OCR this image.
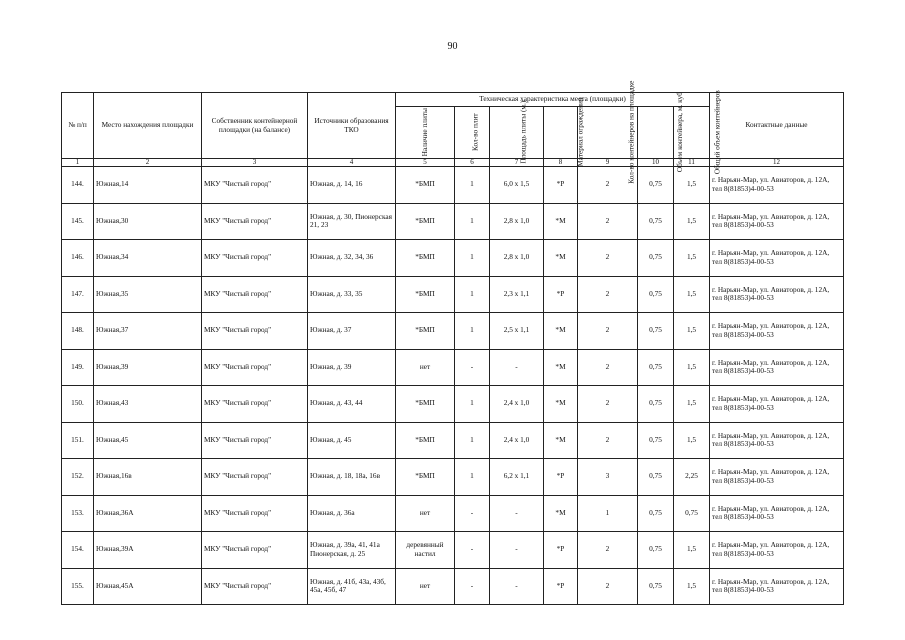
90
№ п/п	Место нахождения площадки	Собственник контейнерной площадки (на балансе)	Источники образования ТКО	Техническая характеристика места (площадки)							Контактные данные
				Наличие плиты	Кол-во плит	Площадь плиты (м.)	Материал ограждения	Кол-во контейнеров на площадке	Объем контейнера, м. куб	Общий объем контейнеров	
1	2	3	4	5	6	7	8	9	10	11	12
144.	Южная,14	МКУ "Чистый город"	Южная, д. 14, 16	*БМП	1	6,0 x 1,5	*Р	2	0,75	1,5	г. Нарьян-Мар, ул. Авиаторов, д. 12А, тел 8(81853)4-00-53
145.	Южная,30	МКУ "Чистый город"	Южная, д. 30, Пионерская 21, 23	*БМП	1	2,8 x 1,0	*М	2	0,75	1,5	г. Нарьян-Мар, ул. Авиаторов, д. 12А, тел 8(81853)4-00-53
146.	Южная,34	МКУ "Чистый город"	Южная, д. 32, 34, 36	*БМП	1	2,8 x 1,0	*М	2	0,75	1,5	г. Нарьян-Мар, ул. Авиаторов, д. 12А, тел 8(81853)4-00-53
147.	Южная,35	МКУ "Чистый город"	Южная, д. 33, 35	*БМП	1	2,3 x 1,1	*Р	2	0,75	1,5	г. Нарьян-Мар, ул. Авиаторов, д. 12А, тел 8(81853)4-00-53
148.	Южная,37	МКУ "Чистый город"	Южная, д. 37	*БМП	1	2,5 x 1,1	*М	2	0,75	1,5	г. Нарьян-Мар, ул. Авиаторов, д. 12А, тел 8(81853)4-00-53
149.	Южная,39	МКУ "Чистый город"	Южная, д. 39	нет	-	-	*М	2	0,75	1,5	г. Нарьян-Мар, ул. Авиаторов, д. 12А, тел 8(81853)4-00-53
150.	Южная,43	МКУ "Чистый город"	Южная, д. 43, 44	*БМП	1	2,4 x 1,0	*М	2	0,75	1,5	г. Нарьян-Мар, ул. Авиаторов, д. 12А, тел 8(81853)4-00-53
151.	Южная,45	МКУ "Чистый город"	Южная, д. 45	*БМП	1	2,4 x 1,0	*М	2	0,75	1,5	г. Нарьян-Мар, ул. Авиаторов, д. 12А, тел 8(81853)4-00-53
152.	Южная,16в	МКУ "Чистый город"	Южная, д. 18, 18а, 16в	*БМП	1	6,2 x 1,1	*Р	3	0,75	2,25	г. Нарьян-Мар, ул. Авиаторов, д. 12А, тел 8(81853)4-00-53
153.	Южная,36А	МКУ "Чистый город"	Южная, д. 36а	нет	-	-	*М	1	0,75	0,75	г. Нарьян-Мар, ул. Авиаторов, д. 12А, тел 8(81853)4-00-53
154.	Южная,39А	МКУ "Чистый город"	Южная, д. 39а, 41, 41а Пионерская, д. 25	деревянный настил	-	-	*Р	2	0,75	1,5	г. Нарьян-Мар, ул. Авиаторов, д. 12А, тел 8(81853)4-00-53
155.	Южная,45А	МКУ "Чистый город"	Южная, д. 41б, 43а, 43б, 45а, 45б, 47	нет	-	-	*Р	2	0,75	1,5	г. Нарьян-Мар, ул. Авиаторов, д. 12А, тел 8(81853)4-00-53
